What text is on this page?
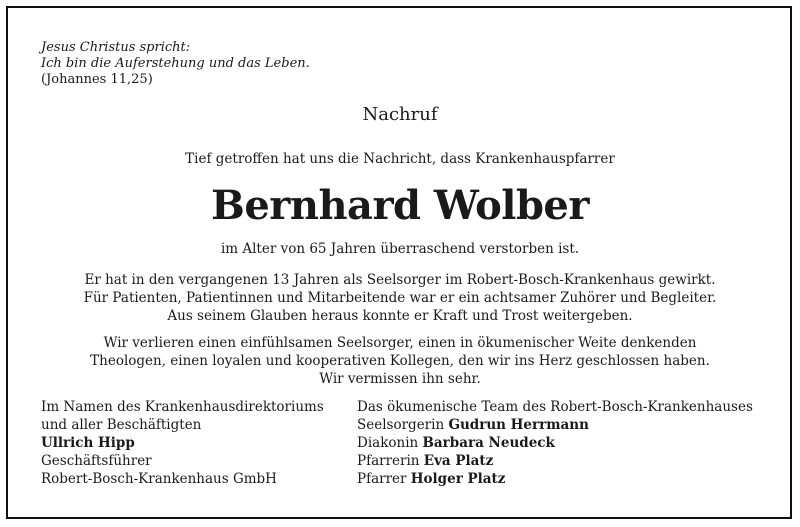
Jesus Christus spricht:
Ich bin die Auferstehung und das Leben.
(Johannes 11,25)
Nachruf
Tief getroffen hat uns die Nachricht, dass Krankenhauspfarrer
Bernhard Wolber
im Alter von 65 Jahren überraschend verstorben ist.
Er hat in den vergangenen 13 Jahren als Seelsorger im Robert-Bosch-Krankenhaus gewirkt.
Für Patienten, Patientinnen und Mitarbeitende war er ein achtsamer Zuhörer und Begleiter.
Aus seinem Glauben heraus konnte er Kraft und Trost weitergeben.
Wir verlieren einen einfühlsamen Seelsorger, einen in ökumenischer Weite denkenden
Theologen, einen loyalen und kooperativen Kollegen, den wir ins Herz geschlossen haben.
Wir vermissen ihn sehr.
Im Namen des Krankenhausdirektoriums
und aller Beschäftigten
Ullrich Hipp
Geschäftsführer
Robert-Bosch-Krankenhaus GmbH
Das ökumenische Team des Robert-Bosch-Krankenhauses
Seelsorgerin Gudrun Herrmann
Diakonin Barbara Neudeck
Pfarrerin Eva Platz
Pfarrer Holger Platz
